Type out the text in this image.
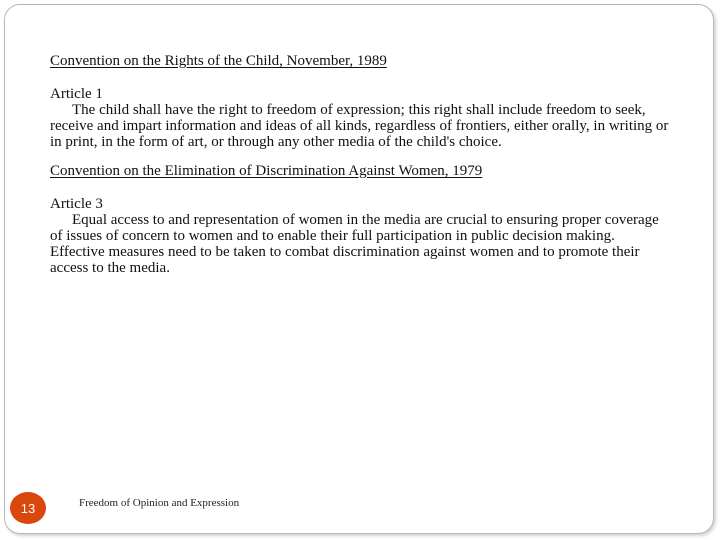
Convention on the Rights of the Child, November, 1989

Article 1

The child shall have the right to freedom of expression; this right shall include freedom to seek, receive and impart information and ideas of all kinds, regardless of frontiers, either orally, in writing or in print, in the form of art, or through any other media of the child's choice.

Convention on the Elimination of Discrimination Against Women, 1979

Article 3

Equal access to and representation of women in the media are crucial to ensuring proper coverage of issues of concern to women and to enable their full participation in public decision making. Effective measures need to be taken to combat discrimination against women and to promote their access to the media.

13	Freedom of Opinion and Expression
